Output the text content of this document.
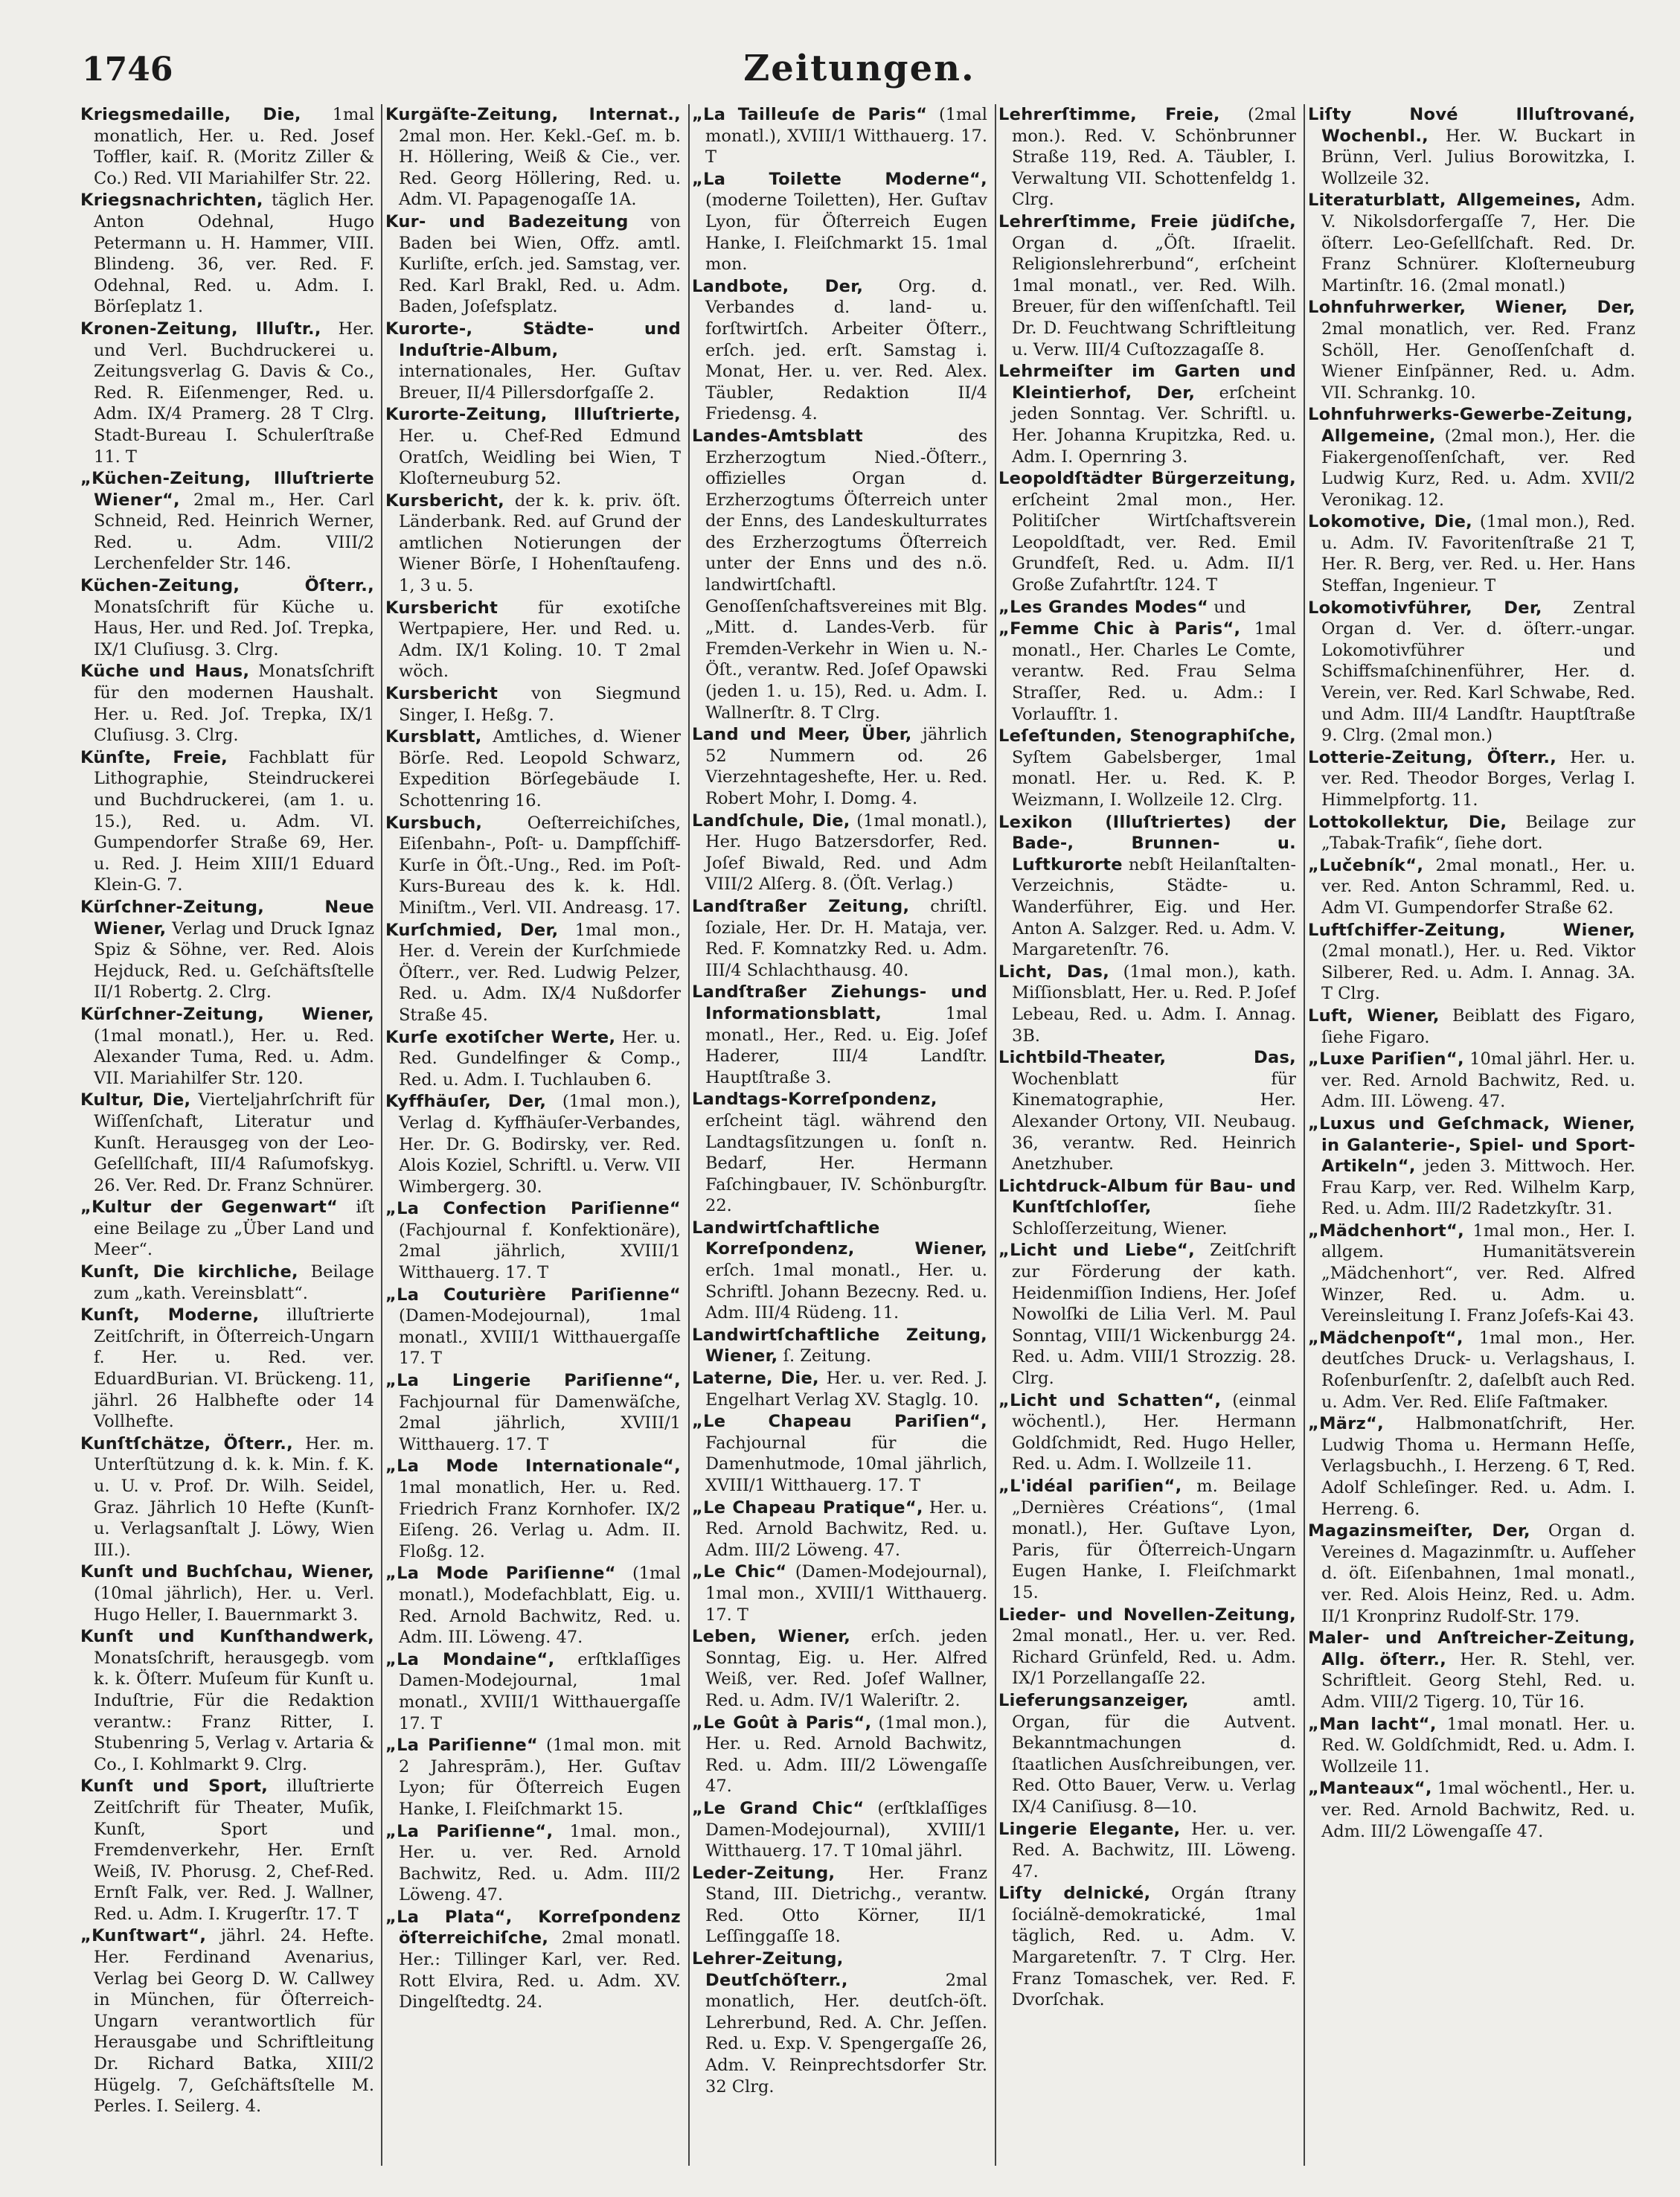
1746	Zeitungen.

Kriegsmedaille, Die, 1mal monatlich, Her. u. Red. Josef Toffler, kaiſ. R. (Moritz Ziller & Co.) Red. VII Mariahilfer Str. 22.

Kriegsnachrichten, täglich Her. Anton Odehnal, Hugo Petermann u. H. Hammer, VIII. Blindeng. 36, ver. Red. F. Odehnal, Red. u. Adm. I. Börſeplatz 1.

Kronen-Zeitung, Illuſtr., Her. und Verl. Buchdruckerei u. Zeitungsverlag G. Davis & Co., Red. R. Eiſenmenger, Red. u. Adm. IX/4 Pramerg. 28 T Clrg. Stadt-Bureau I. Schulerſtraße 11. T

„Küchen-Zeitung, Illuſtrierte Wiener“, 2mal m., Her. Carl Schneid, Red. Heinrich Werner, Red. u. Adm. VIII/2 Lerchenfelder Str. 146.

Küchen-Zeitung, Öſterr., Monatsſchrift für Küche u. Haus, Her. und Red. Joſ. Trepka, IX/1 Cluſiusg. 3. Clrg.

Küche und Haus, Monatsſchrift für den modernen Haushalt. Her. u. Red. Joſ. Trepka, IX/1 Cluſiusg. 3. Clrg.

Künſte, Freie, Fachblatt für Lithographie, Steindruckerei und Buchdruckerei, (am 1. u. 15.), Red. u. Adm. VI. Gumpendorfer Straße 69, Her. u. Red. J. Heim XIII/1 Eduard Klein-G. 7.

Kürſchner-Zeitung, Neue Wiener, Verlag und Druck Ignaz Spiz & Söhne, ver. Red. Alois Hejduck, Red. u. Geſchäftsſtelle II/1 Robertg. 2. Clrg.

Kürſchner-Zeitung, Wiener, (1mal monatl.), Her. u. Red. Alexander Tuma, Red. u. Adm. VII. Mariahilfer Str. 120.

Kultur, Die, Vierteljahrſchrift für Wiſſenſchaft, Literatur und Kunſt. Herausgeg von der Leo-Geſellſchaft, III/4 Raſumofskyg. 26. Ver. Red. Dr. Franz Schnürer.

„Kultur der Gegenwart“ iſt eine Beilage zu „Über Land und Meer“.

Kunſt, Die kirchliche, Beilage zum „kath. Vereinsblatt“.

Kunſt, Moderne, illuſtrierte Zeitſchrift, in Öſterreich-Ungarn f. Her. u. Red. ver. EduardBurian. VI. Brückeng. 11, jährl. 26 Halbhefte oder 14 Vollhefte.

Kunſtſchätze, Öſterr., Her. m. Unterſtützung d. k. k. Min. f. K. u. U. v. Prof. Dr. Wilh. Seidel, Graz. Jährlich 10 Hefte (Kunſt- u. Verlagsanſtalt J. Löwy, Wien III.).

Kunſt und Buchſchau, Wiener, (10mal jährlich), Her. u. Verl. Hugo Heller, I. Bauernmarkt 3.

Kunſt und Kunſthandwerk, Monatsſchrift, herausgegb. vom k. k. Öſterr. Muſeum für Kunſt u. Induſtrie, Für die Redaktion verantw.: Franz Ritter, I. Stubenring 5, Verlag v. Artaria & Co., I. Kohlmarkt 9. Clrg.

Kunſt und Sport, illuſtrierte Zeitſchrift für Theater, Muſik, Kunſt, Sport und Fremdenverkehr, Her. Ernſt Weiß, IV. Phorusg. 2, Chef-Red. Ernſt Falk, ver. Red. J. Wallner, Red. u. Adm. I. Krugerſtr. 17. T

„Kunſtwart“, jährl. 24. Hefte. Her. Ferdinand Avenarius, Verlag bei Georg D. W. Callwey in München, für Öſterreich-Ungarn verantwortlich für Herausgabe und Schriftleitung Dr. Richard Batka, XIII/2 Hügelg. 7, Geſchäftsſtelle M. Perles. I. Seilerg. 4.

Kurgäſte-Zeitung, Internat., 2mal mon. Her. Kekl.-Geſ. m. b. H. Höllering, Weiß & Cie., ver. Red. Georg Höllering, Red. u. Adm. VI. Papagenogaſſe 1A.

Kur- und Badezeitung von Baden bei Wien, Offz. amtl. Kurliſte, erſch. jed. Samstag, ver. Red. Karl Brakl, Red. u. Adm. Baden, Joſefsplatz.

Kurorte-, Städte- und Induſtrie-Album, internationales, Her. Guſtav Breuer, II/4 Pillersdorfgaſſe 2.

Kurorte-Zeitung, Illuſtrierte, Her. u. Chef-Red Edmund Oratſch, Weidling bei Wien, T Kloſterneuburg 52.

Kursbericht, der k. k. priv. öſt. Länderbank. Red. auf Grund der amtlichen Notierungen der Wiener Börſe, I Hohenſtaufeng. 1, 3 u. 5.

Kursbericht für exotiſche Wertpapiere, Her. und Red. u. Adm. IX/1 Koling. 10. T 2mal wöch.

Kursbericht von Siegmund Singer, I. Heßg. 7.

Kursblatt, Amtliches, d. Wiener Börſe. Red. Leopold Schwarz, Expedition Börſegebäude I. Schottenring 16.

Kursbuch,	Oeſterreichiſches, Eiſenbahn-, Poſt- u. Dampfſchiff-Kurſe in Öſt.-Ung., Red. im Poſt-Kurs-Bureau des k. k. Hdl. Miniſtm., Verl. VII. Andreasg. 17.

Kurſchmied, Der, 1mal mon., Her. d. Verein der Kurſchmiede Öſterr., ver. Red. Ludwig Pelzer, Red. u. Adm. IX/4 Nußdorfer Straße 45.

Kurſe exotiſcher Werte, Her. u. Red. Gundelfinger & Comp., Red. u. Adm. I. Tuchlauben 6.

Kyffhäuſer, Der, (1mal mon.), Verlag d. Kyffhäuſer-Verbandes, Her. Dr. G. Bodirsky, ver. Red. Alois Koziel, Schriftl. u. Verw. VII Wimbergerg. 30.

„La Confection Pariſienne“ (Fachjournal f. Konfektionäre), 2mal jährlich, XVIII/1 Witthauerg. 17. T

„La Couturière Pariſienne“ (Damen-Modejournal), 1mal monatl., XVIII/1 Witthauergaſſe 17. T

„La Lingerie Pariſienne“, Fachjournal für Damenwäſche, 2mal jährlich, XVIII/1 Witthauerg. 17. T

„La Mode Internationale“, 1mal monatlich, Her. u. Red. Friedrich Franz Kornhofer. IX/2 Eiſeng. 26. Verlag u. Adm. II. Floßg. 12.

„La Mode Pariſienne“ (1mal monatl.), Modefachblatt, Eig. u. Red. Arnold Bachwitz, Red. u. Adm. III. Löweng. 47.

„La Mondaine“, erſtklaſſiges Damen-Modejournal, 1mal monatl., XVIII/1 Witthauergaſſe 17. T

„La Pariſienne“ (1mal mon. mit 2 Jahresprām.), Her. Guſtav Lyon; für Öſterreich Eugen Hanke, I. Fleiſchmarkt 15.

„La Pariſienne“, 1mal. mon., Her. u. ver. Red. Arnold Bachwitz, Red. u. Adm. III/2 Löweng. 47.

„La Plata“, Korreſpondenz öſterreichiſche, 2mal monatl. Her.: Tillinger Karl, ver. Red. Rott Elvira, Red. u. Adm. XV. Dingelſtedtg. 24.

„La Tailleuſe de Paris“ (1mal monatl.), XVIII/1 Witthauerg. 17. T

„La Toilette Moderne“, (moderne Toiletten), Her. Guſtav Lyon, für Öſterreich Eugen Hanke, I. Fleiſchmarkt 15. 1mal mon.

Landbote, Der, Org. d. Verbandes d. land- u. forſtwirtſch. Arbeiter Öſterr., erſch. jed. erſt. Samstag i. Monat, Her. u. ver. Red. Alex. Täubler, Redaktion II/4 Friedensg. 4.

Landes-Amtsblatt	des Erzherzogtum Nied.-Öſterr., offizielles Organ d. Erzherzogtums Öſterreich unter der Enns, des Landeskulturrates des Erzherzogtums Öſterreich unter der Enns und des n.ö. landwirtſchaftl. Genoſſenſchaftsvereines mit Blg. „Mitt. d. Landes-Verb. für Fremden-Verkehr in Wien u. N.-Öſt., verantw. Red. Joſef Opawski (jeden 1. u. 15), Red. u. Adm. I. Wallnerſtr. 8. T Clrg.

Land und Meer, Über, jährlich 52 Nummern od. 26 Vierzehntageshefte, Her. u. Red. Robert Mohr, I. Domg. 4.

Landſchule, Die, (1mal monatl.), Her. Hugo Batzersdorfer, Red. Joſef Biwald, Red. und Adm VIII/2 Alſerg. 8. (Öſt. Verlag.)

Landſtraßer Zeitung, chriſtl. ſoziale, Her. Dr. H. Mataja, ver. Red. F. Komnatzky Red. u. Adm. III/4 Schlachthausg. 40.

Landſtraßer Ziehungs- und Informationsblatt,	1mal monatl., Her., Red. u. Eig. Joſef Haderer, III/4 Landſtr. Hauptſtraße 3.

Landtags-Korreſpondenz, erſcheint tägl. während den Landtagsſitzungen u. ſonſt n. Bedarf, Her. Hermann Faſchingbauer, IV. Schönburgſtr. 22.

Landwirtſchaftliche Korreſpondenz, Wiener, erſch. 1mal monatl., Her. u. Schriftl. Johann Bezecny. Red. u. Adm. III/4 Rüdeng. 11.

Landwirtſchaftliche Zeitung, Wiener, ſ. Zeitung.

Laterne, Die, Her. u. ver. Red. J. Engelhart Verlag XV. Staglg. 10.

„Le Chapeau Pariſien“, Fachjournal für die Damenhutmode, 10mal jährlich, XVIII/1 Witthauerg. 17. T

„Le Chapeau Pratique“, Her. u. Red. Arnold Bachwitz, Red. u. Adm. III/2 Löweng. 47.

„Le Chic“ (Damen-Modejournal), 1mal mon., XVIII/1 Witthauerg. 17. T

Leben, Wiener, erſch. jeden Sonntag, Eig. u. Her. Alfred Weiß, ver. Red. Joſef Wallner, Red. u. Adm. IV/1 Waleriſtr. 2.

„Le Goût à Paris“, (1mal mon.), Her. u. Red. Arnold Bachwitz, Red. u. Adm. III/2 Löwengaſſe 47.

„Le Grand Chic“ (erſtklaſſiges Damen-Modejournal), XVIII/1 Witthauerg. 17. T 10mal jährl.

Leder-Zeitung, Her. Franz Stand, III. Dietrichg., verantw. Red. Otto Körner, II/1 Leſſinggaſſe 18.

Lehrer-Zeitung, Deutſchöſterr.,	2mal monatlich, Her. deutſch-öſt. Lehrerbund, Red. A. Chr. Jeſſen. Red. u. Exp. V. Spengergaſſe 26, Adm. V. Reinprechtsdorfer Str. 32 Clrg.

Lehrerſtimme, Freie, (2mal mon.). Red. V. Schönbrunner Straße 119, Red. A. Täubler, I. Verwaltung VII. Schottenfeldg 1. Clrg.

Lehrerſtimme, Freie jüdiſche, Organ d. „Öſt. Iſraelit. Religionslehrerbund“, erſcheint 1mal monatl., ver. Red. Wilh. Breuer, für den wiſſenſchaftl. Teil Dr. D. Feuchtwang Schriftleitung u. Verw. III/4 Cuſtozzagaſſe 8.

Lehrmeiſter im Garten und Kleintierhof, Der, erſcheint jeden Sonntag. Ver. Schriftl. u. Her. Johanna Krupitzka, Red. u. Adm. I. Opernring 3.

Leopoldſtädter Bürgerzeitung, erſcheint 2mal mon., Her. Politiſcher Wirtſchaftsverein Leopoldſtadt, ver. Red. Emil Grundfeſt, Red. u. Adm. II/1 Große Zufahrtſtr. 124. T

„Les Grandes Modes“ und

„Femme Chic à Paris“, 1mal monatl., Her. Charles Le Comte, verantw. Red. Frau Selma Straſſer, Red. u. Adm.: I Vorlaufſtr. 1.

Leſeſtunden, Stenographiſche, Syſtem Gabelsberger, 1mal monatl. Her. u. Red. K. P. Weizmann, I. Wollzeile 12. Clrg.

Lexikon (Illuſtriertes) der Bade-, Brunnen- u. Luftkurorte nebſt Heilanſtalten-Verzeichnis, Städte- u. Wanderführer, Eig. und Her. Anton A. Salzger. Red. u. Adm. V. Margaretenſtr. 76.

Licht, Das, (1mal mon.), kath. Miſſionsblatt, Her. u. Red. P. Joſef Lebeau, Red. u. Adm. I. Annag. 3B.

Lichtbild-Theater, Das, Wochenblatt für Kinematographie, Her. Alexander Ortony, VII. Neubaug. 36, verantw. Red. Heinrich Anetzhuber.

Lichtdruck-Album für Bau- und Kunſtſchloſſer,	ſiehe Schloſſerzeitung, Wiener.

„Licht und Liebe“, Zeitſchrift zur Förderung der kath. Heidenmiſſion Indiens, Her. Joſef Nowolſki de Lilia Verl. M. Paul Sonntag, VIII/1 Wickenburgg 24. Red. u. Adm. VIII/1 Strozzig. 28. Clrg.

„Licht und Schatten“, (einmal wöchentl.), Her. Hermann Goldſchmidt, Red. Hugo Heller, Red. u. Adm. I. Wollzeile 11.

„L'idéal pariſien“, m. Beilage „Dernières Créations“, (1mal monatl.), Her. Guſtave Lyon, Paris, für Öſterreich-Ungarn Eugen Hanke, I. Fleiſchmarkt 15.

Lieder- und Novellen-Zeitung, 2mal monatl., Her. u. ver. Red. Richard Grünfeld, Red. u. Adm. IX/1 Porzellangaſſe 22.

Lieferungsanzeiger,	amtl. Organ, für die Autvent. Bekanntmachungen d. ſtaatlichen Ausſchreibungen, ver. Red. Otto Bauer, Verw. u. Verlag IX/4 Caniſiusg. 8—10.

Lingerie Elegante, Her. u. ver. Red. A. Bachwitz, III. Löweng. 47.

Liſty delnické, Orgán ſtrany ſociálně-demokratické, 1mal täglich, Red. u. Adm. V. Margaretenſtr. 7. T Clrg. Her. Franz Tomaschek, ver. Red. F. Dvorſchak.

Liſty Nové Illuſtrované, Wochenbl., Her. W. Buckart in Brünn, Verl. Julius Borowitzka, I. Wollzeile 32.

Literaturblatt, Allgemeines, Adm. V. Nikolsdorfergaſſe 7, Her. Die öſterr. Leo-Geſellſchaft. Red. Dr. Franz Schnürer. Kloſterneuburg Martinſtr. 16. (2mal monatl.)

Lohnfuhrwerker, Wiener, Der, 2mal monatlich, ver. Red. Franz Schöll, Her. Genoſſenſchaft d. Wiener Einſpänner, Red. u. Adm. VII. Schrankg. 10.

Lohnfuhrwerks-Gewerbe-Zeitung, Allgemeine, (2mal mon.), Her. die Fiakergenoſſenſchaft, ver. Red Ludwig Kurz, Red. u. Adm. XVII/2 Veronikag. 12.

Lokomotive, Die, (1mal mon.), Red. u. Adm. IV. Favoritenſtraße 21 T, Her. R. Berg, ver. Red. u. Her. Hans Steffan, Ingenieur. T

Lokomotivführer, Der, Zentral Organ d. Ver. d. öſterr.-ungar. Lokomotivführer und Schiffsmaſchinenführer, Her. d. Verein, ver. Red. Karl Schwabe, Red. und Adm. III/4 Landſtr. Hauptſtraße 9. Clrg. (2mal mon.)

Lotterie-Zeitung, Öſterr., Her. u. ver. Red. Theodor Borges, Verlag I. Himmelpfortg. 11.

Lottokollektur, Die, Beilage zur „Tabak-Trafik“, ſiehe dort.

„Lučebník“, 2mal monatl., Her. u. ver. Red. Anton Schramml, Red. u. Adm VI. Gumpendorfer Straße 62.

Luftſchiffer-Zeitung, Wiener, (2mal monatl.), Her. u. Red. Viktor Silberer, Red. u. Adm. I. Annag. 3A. T Clrg.

Luft, Wiener, Beiblatt des Figaro, ſiehe Figaro.

„Luxe Pariſien“, 10mal jährl. Her. u. ver. Red. Arnold Bachwitz, Red. u. Adm. III. Löweng. 47.

„Luxus und Geſchmack, Wiener, in Galanterie-, Spiel- und Sport-Artikeln“, jeden 3. Mittwoch. Her. Frau Karp, ver. Red. Wilhelm Karp, Red. u. Adm. III/2 Radetzkyſtr. 31.

„Mädchenhort“, 1mal mon., Her. I. allgem. Humanitätsverein „Mädchenhort“, ver. Red. Alfred Winzer, Red. u. Adm. u. Vereinsleitung I. Franz Joſefs-Kai 43.

„Mädchenpoſt“, 1mal mon., Her. deutſches Druck- u. Verlagshaus, I. Roſenburſenſtr. 2, daſelbſt auch Red. u. Adm. Ver. Red. Eliſe Faſtmaker.

„März“, Halbmonatſchrift, Her. Ludwig Thoma u. Hermann Heſſe, Verlagsbuchh., I. Herzeng. 6 T, Red. Adolf Schleſinger. Red. u. Adm. I. Herreng. 6.

Magazinsmeiſter, Der, Organ d. Vereines d. Magazinmſtr. u. Aufſeher d. öſt. Eiſenbahnen, 1mal monatl., ver. Red. Alois Heinz, Red. u. Adm. II/1 Kronprinz Rudolf-Str. 179.

Maler- und Anſtreicher-Zeitung, Allg. öſterr., Her. R. Stehl, ver. Schriftleit. Georg Stehl, Red. u. Adm. VIII/2 Tigerg. 10, Tür 16.

„Man lacht“, 1mal monatl. Her. u. Red. W. Goldſchmidt, Red. u. Adm. I. Wollzeile 11.

„Manteaux“, 1mal wöchentl., Her. u. ver. Red. Arnold Bachwitz, Red. u. Adm. III/2 Löwengaſſe 47.
